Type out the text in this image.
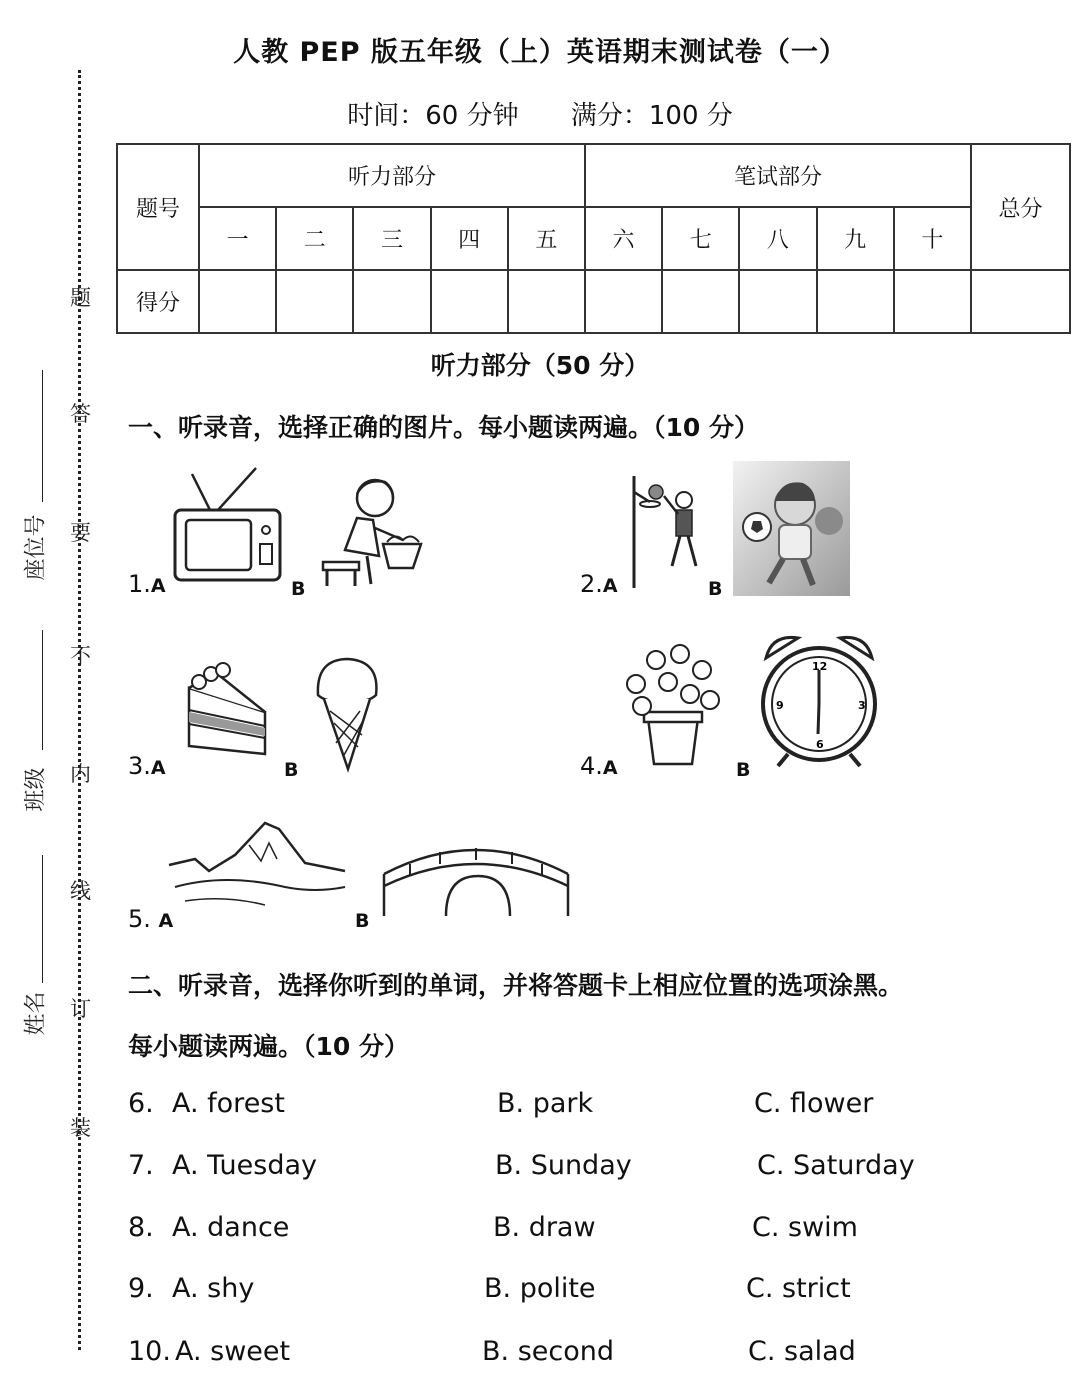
人教 PEP 版五年级（上）英语期末测试卷（一）
时间：60 分钟 满分：100 分
题
答
要
不
内
线
订
装
座位号
班级
姓名
题号	听力部分					笔试部分					总分
	一	二	三	四	五	六	七	八	九	十	
得分											
听力部分（50 分）
一、听录音，选择正确的图片。每小题读两遍。（10 分）
1.A	B	2.A	B
3.A	B	4.A	B
12
3
6
9
5. A	B
二、听录音，选择你听到的单词，并将答题卡上相应位置的选项涂黑。
每小题读两遍。（10 分）
6. A. forest	B. park	C. flower
7. A. Tuesday	B. Sunday	C. Saturday
8. A. dance	B. draw	C. swim
9. A. shy	B. polite	C. strict
10. A. sweet	B. second	C. salad
